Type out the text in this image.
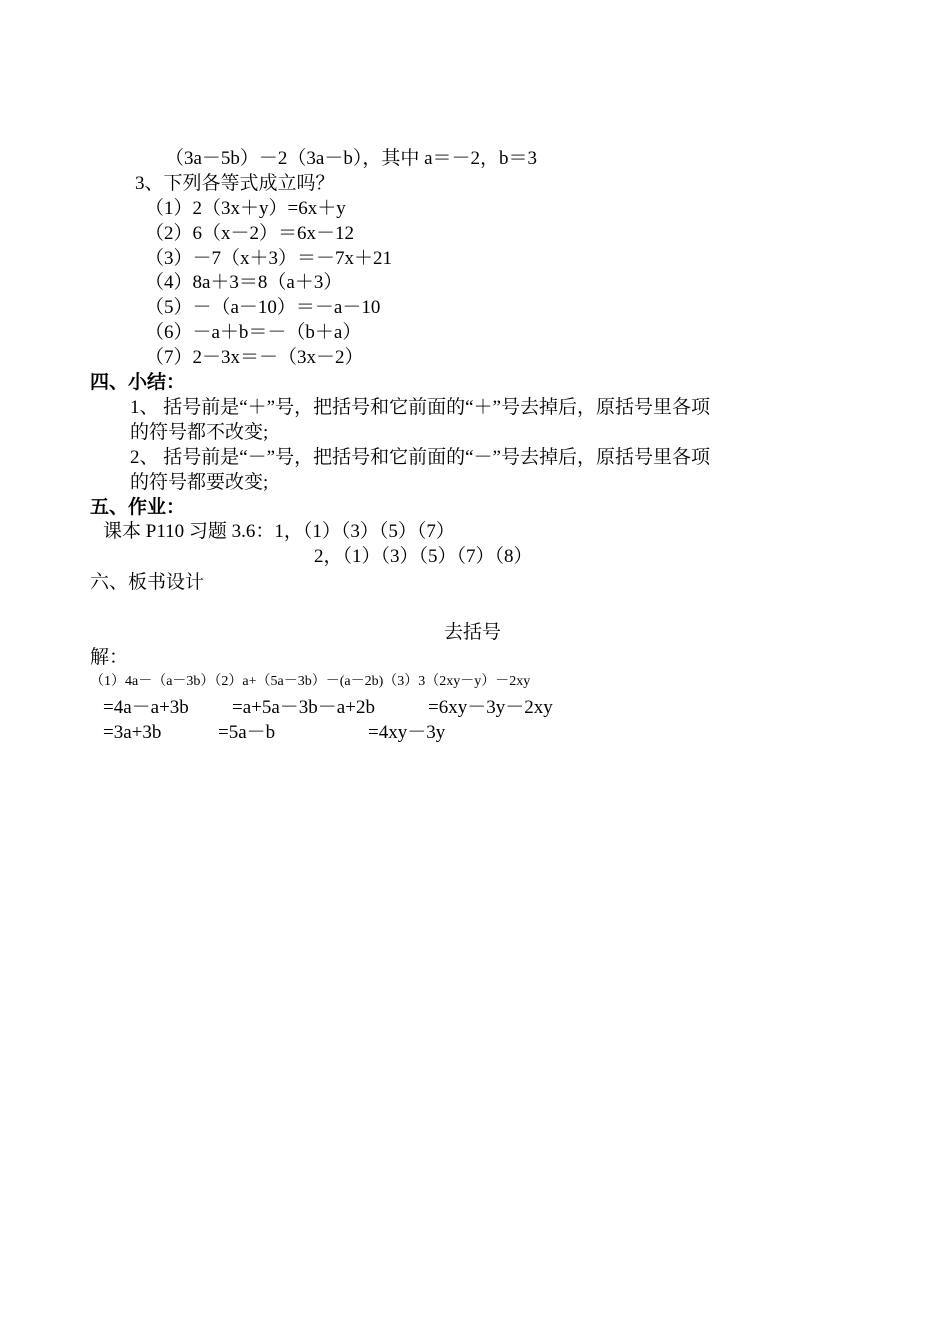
（3a－5b）－2（3a－b），其中 a＝－2，b＝3
3、下列各等式成立吗？
（1）2（3x＋y）=6x＋y
（2）6（x－2）＝6x－12
（3）－7（x＋3）＝－7x＋21
（4）8a＋3＝8（a＋3）
（5）－（a－10）＝－a－10
（6）－a＋b＝－（b＋a）
（7）2－3x＝－（3x－2）
四、小结：
1、 括号前是“＋”号，把括号和它前面的“＋”号去掉后，原括号里各项
的符号都不改变;
2、 括号前是“－”号，把括号和它前面的“－”号去掉后，原括号里各项
的符号都要改变;
五、作业：
课本 P110 习题 3.6：1，（1）（3）（5）（7）
2，（1）（3）（5）（7）（8）
六、板书设计
去括号
解：
（1）4a－（a－3b）（2）a+（5a－3b）－(a－2b)（3）3（2xy－y）－2xy
=4a－a+3b =a+5a－3b－a+2b	=6xy－3y－2xy
=3a+3b	=5a－b	=4xy－3y
